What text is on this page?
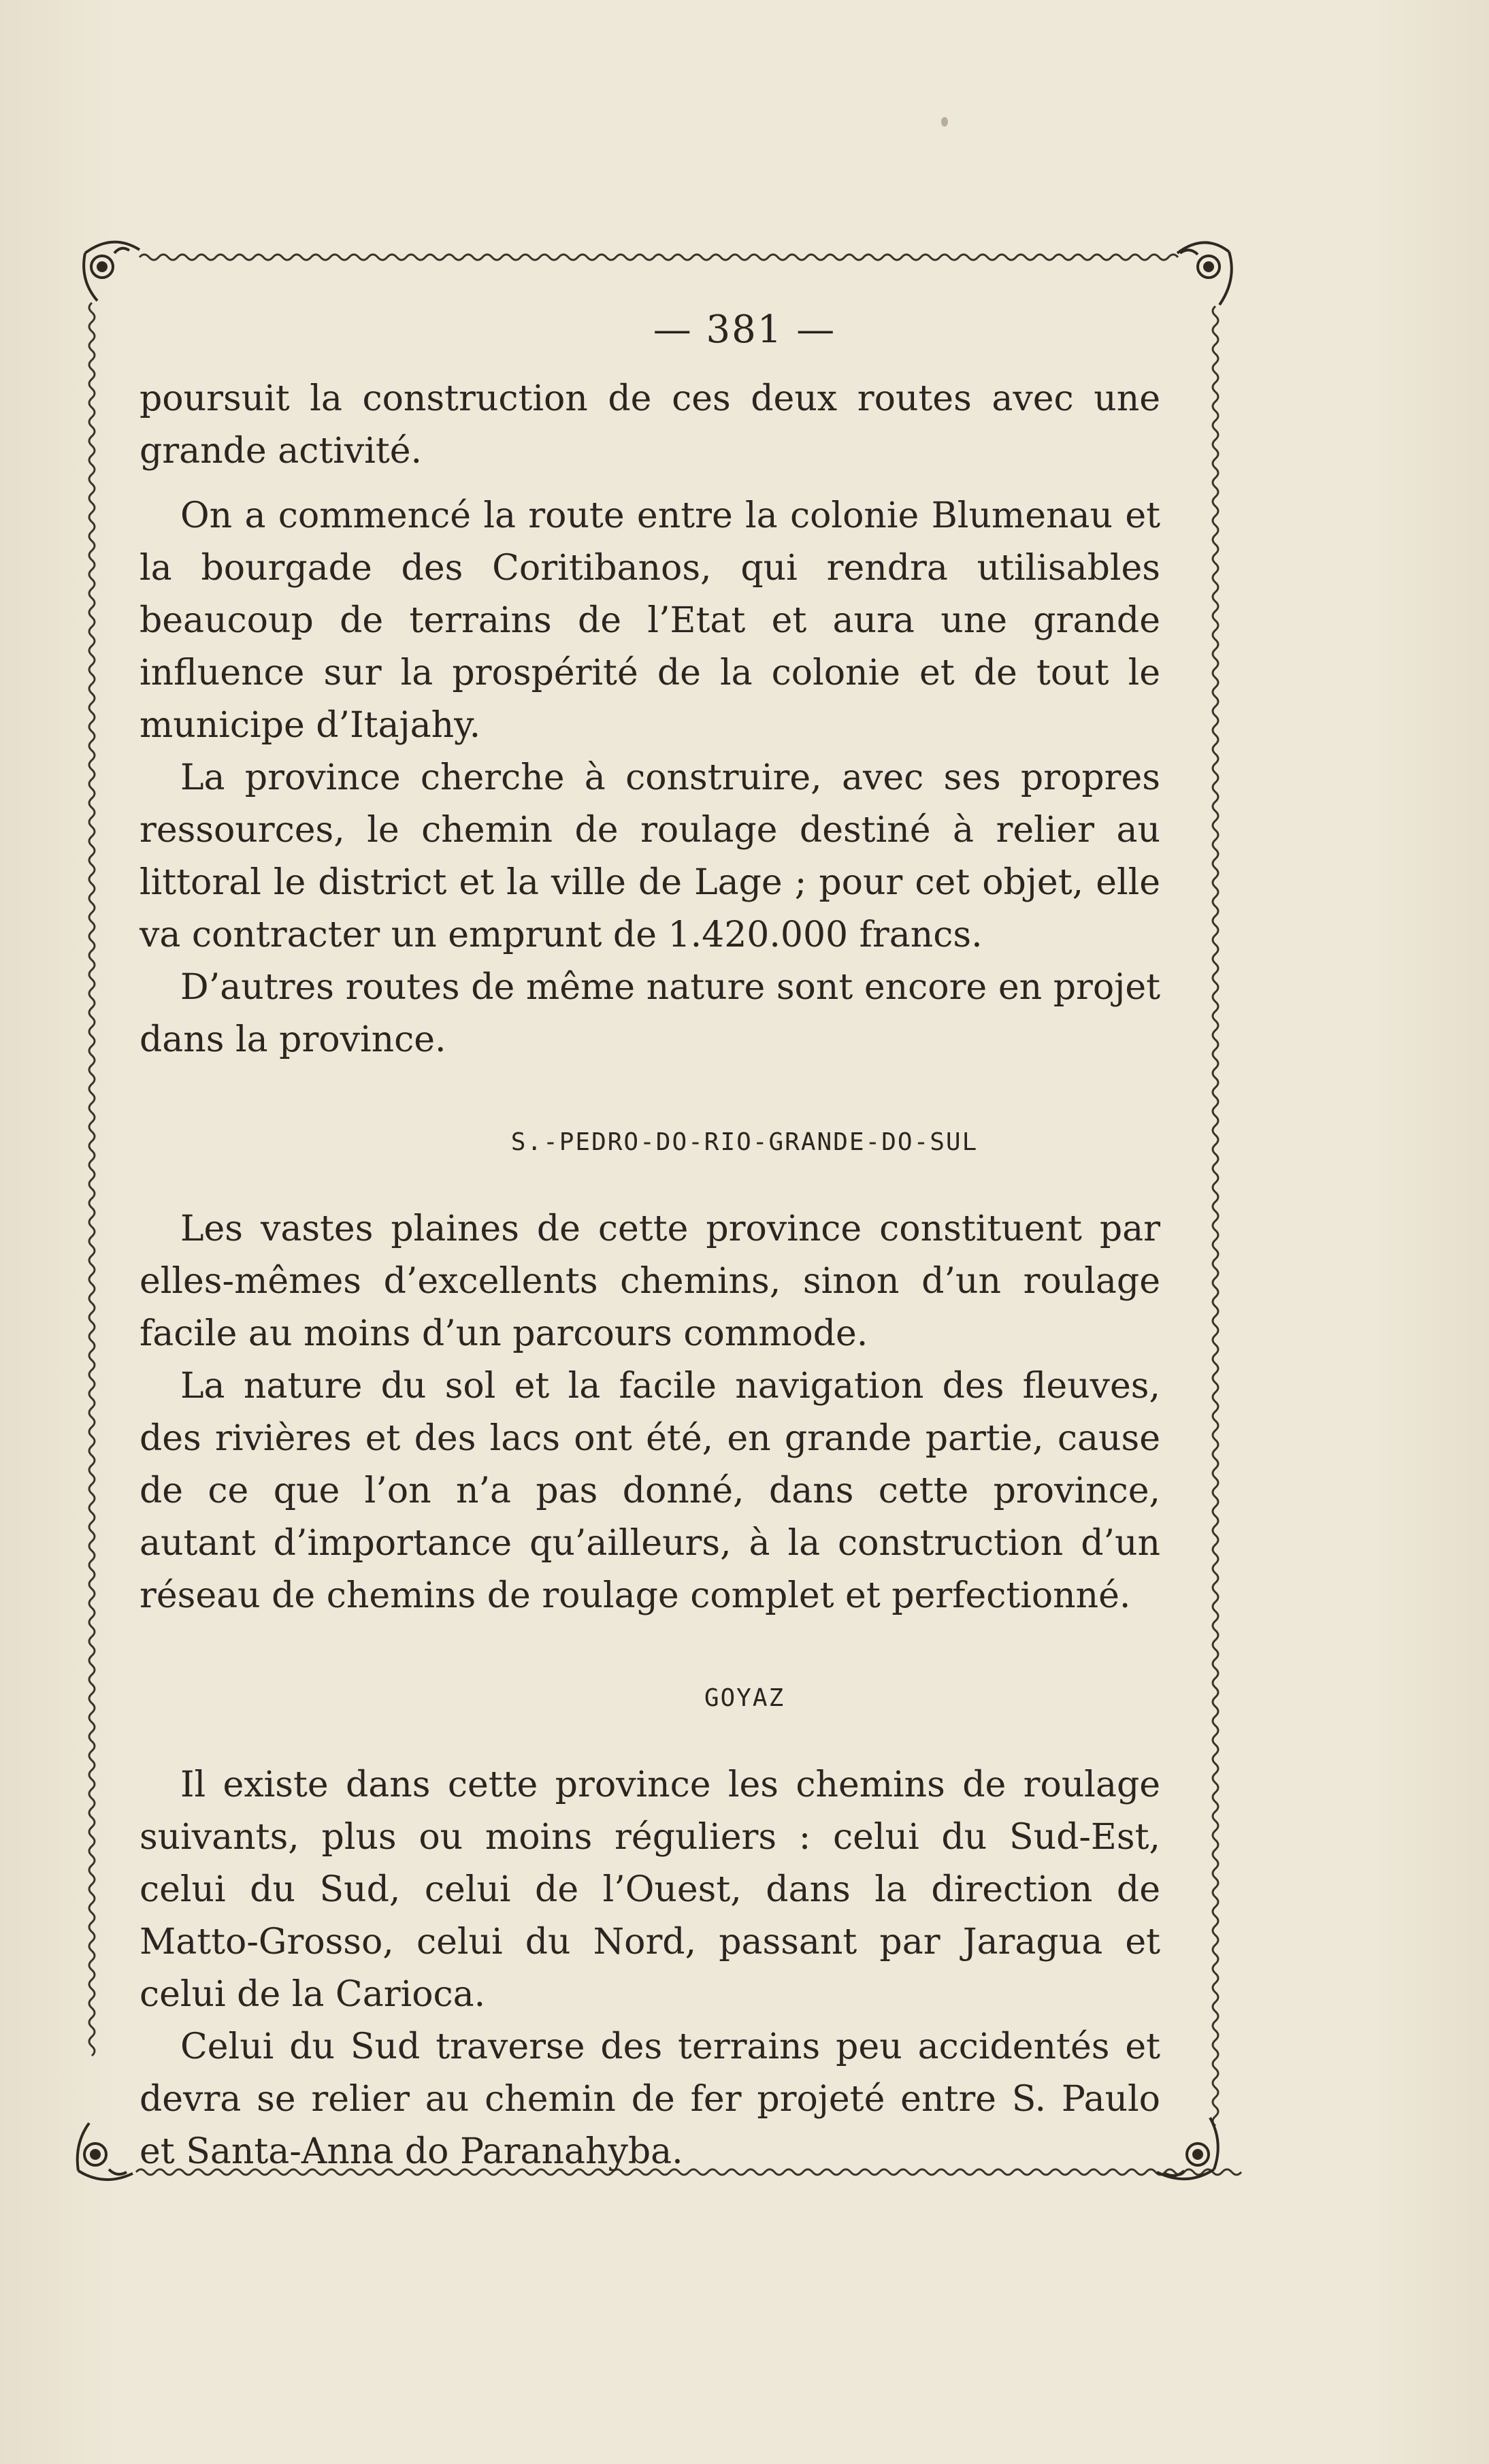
— 381 —

poursuit la construction de ces deux routes avec une grande activité.

On a commencé la route entre la colonie Blumenau et la bourgade des Coritibanos, qui rendra utilisables beaucoup de terrains de l’Etat et aura une grande influence sur la prospérité de la colonie et de tout le municipe d’Itajahy.

La province cherche à construire, avec ses propres ressources, le chemin de roulage destiné à relier au littoral le district et la ville de Lage ; pour cet objet, elle va contracter un emprunt de 1.420.000 francs.

D’autres routes de même nature sont encore en projet dans la province.

S.-PEDRO-DO-RIO-GRANDE-DO-SUL

Les vastes plaines de cette province constituent par elles-mêmes d’excellents chemins, sinon d’un roulage facile au moins d’un parcours commode.

La nature du sol et la facile navigation des fleuves, des rivières et des lacs ont été, en grande partie, cause de ce que l’on n’a pas donné, dans cette province, autant d’importance qu’ailleurs, à la construction d’un réseau de chemins de roulage complet et perfectionné.

GOYAZ

Il existe dans cette province les chemins de roulage suivants, plus ou moins réguliers : celui du Sud-Est, celui du Sud, celui de l’Ouest, dans la direction de Matto-Grosso, celui du Nord, passant par Jaragua et celui de la Carioca.

Celui du Sud traverse des terrains peu accidentés et devra se relier au chemin de fer projeté entre S. Paulo et Santa-Anna do Paranahyba.
